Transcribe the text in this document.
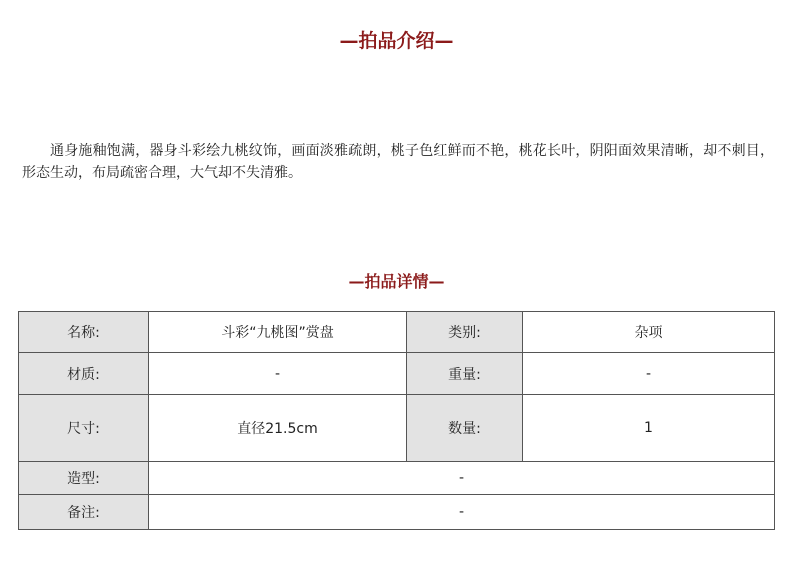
—拍品介绍—

通身施釉饱满，器身斗彩绘九桃纹饰，画面淡雅疏朗，桃子色红鲜而不艳，桃花长叶，阴阳面效果清晰，却不刺目，形态生动，布局疏密合理，大气却不失清雅。

—拍品详情—
名称:	斗彩“九桃图”赏盘	类别:	杂项
材质:	-	重量:	-
尺寸:	直径21.5cm	数量:	1
造型:	-		
备注:	-		
